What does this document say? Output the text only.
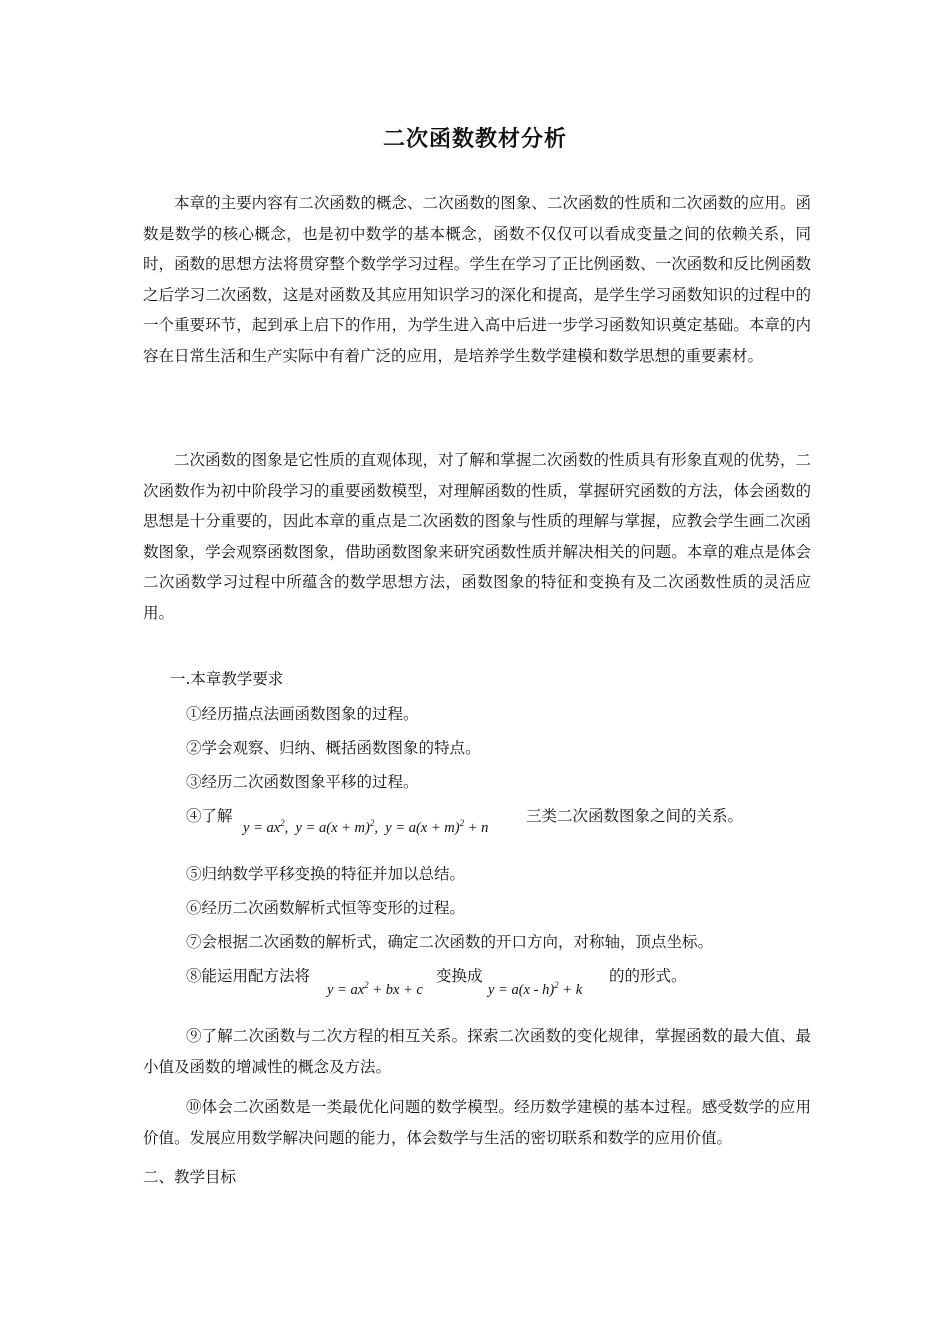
二次函数教材分析

本章的主要内容有二次函数的概念、二次函数的图象、二次函数的性质和二次函数的应用。函数是数学的核心概念，也是初中数学的基本概念，函数不仅仅可以看成变量之间的依赖关系，同时，函数的思想方法将贯穿整个数学学习过程。学生在学习了正比例函数、一次函数和反比例函数之后学习二次函数，这是对函数及其应用知识学习的深化和提高，是学生学习函数知识的过程中的一个重要环节，起到承上启下的作用，为学生进入高中后进一步学习函数知识奠定基础。本章的内容在日常生活和生产实际中有着广泛的应用，是培养学生数学建模和数学思想的重要素材。

二次函数的图象是它性质的直观体现，对了解和掌握二次函数的性质具有形象直观的优势，二次函数作为初中阶段学习的重要函数模型，对理解函数的性质，掌握研究函数的方法，体会函数的思想是十分重要的，因此本章的重点是二次函数的图象与性质的理解与掌握，应教会学生画二次函数图象，学会观察函数图象，借助函数图象来研究函数性质并解决相关的问题。本章的难点是体会二次函数学习过程中所蕴含的数学思想方法，函数图象的特征和变换有及二次函数性质的灵活应用。

一.本章教学要求
①经历描点法画函数图象的过程。
②学会观察、归纳、概括函数图象的特点。
③经历二次函数图象平移的过程。
④了解
$y = ax^2$,  $y = a(x + m)^2$,  $y = a(x + m)^2 + n$
三类二次函数图象之间的关系。
⑤归纳数学平移变换的特征并加以总结。
⑥经历二次函数解析式恒等变形的过程。
⑦会根据二次函数的解析式，确定二次函数的开口方向，对称轴，顶点坐标。
⑧能运用配方法将
$y = ax^2$ + bx + c
变换成
y = a(x - h)$^2$ + k
的的形式。

⑨了解二次函数与二次方程的相互关系。探索二次函数的变化规律，掌握函数的最大值、最小值及函数的增减性的概念及方法。

⑩体会二次函数是一类最优化问题的数学模型。经历数学建模的基本过程。感受数学的应用价值。发展应用数学解决问题的能力，体会数学与生活的密切联系和数学的应用价值。

二、教学目标
